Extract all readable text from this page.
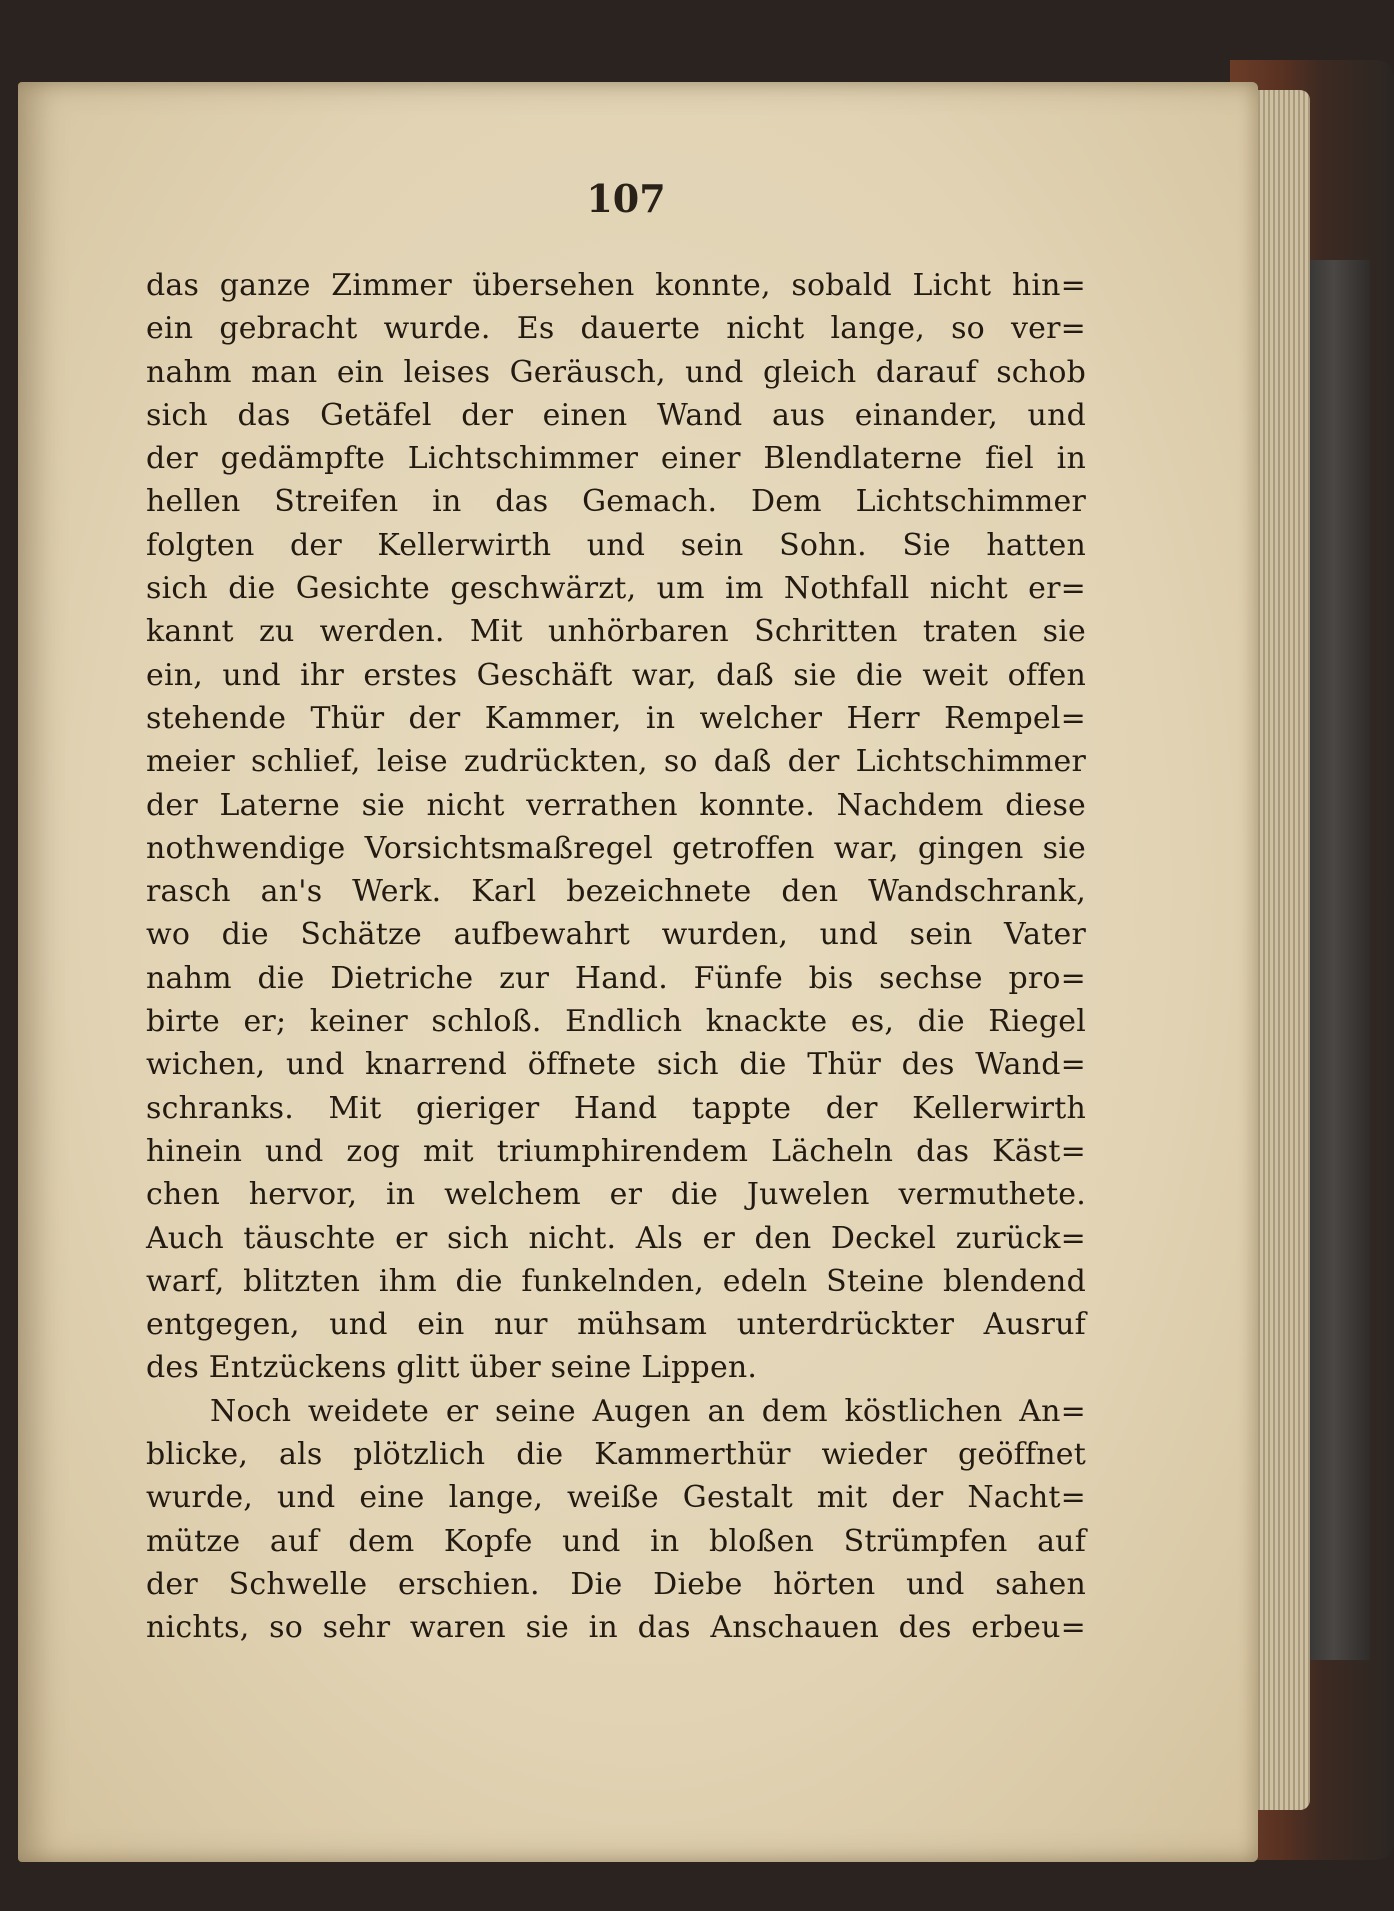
107
das ganze Zimmer übersehen konnte, sobald Licht hin=
ein gebracht wurde. Es dauerte nicht lange, so ver=
nahm man ein leises Geräusch, und gleich darauf schob
sich das Getäfel der einen Wand aus einander, und
der gedämpfte Lichtschimmer einer Blendlaterne fiel in
hellen Streifen in das Gemach. Dem Lichtschimmer
folgten der Kellerwirth und sein Sohn. Sie hatten
sich die Gesichte geschwärzt, um im Nothfall nicht er=
kannt zu werden. Mit unhörbaren Schritten traten sie
ein, und ihr erstes Geschäft war, daß sie die weit offen
stehende Thür der Kammer, in welcher Herr Rempel=
meier schlief, leise zudrückten, so daß der Lichtschimmer
der Laterne sie nicht verrathen konnte. Nachdem diese
nothwendige Vorsichtsmaßregel getroffen war, gingen sie
rasch an's Werk. Karl bezeichnete den Wandschrank,
wo die Schätze aufbewahrt wurden, und sein Vater
nahm die Dietriche zur Hand. Fünfe bis sechse pro=
birte er; keiner schloß. Endlich knackte es, die Riegel
wichen, und knarrend öffnete sich die Thür des Wand=
schranks. Mit gieriger Hand tappte der Kellerwirth
hinein und zog mit triumphirendem Lächeln das Käst=
chen hervor, in welchem er die Juwelen vermuthete.
Auch täuschte er sich nicht. Als er den Deckel zurück=
warf, blitzten ihm die funkelnden, edeln Steine blendend
entgegen, und ein nur mühsam unterdrückter Ausruf
des Entzückens glitt über seine Lippen.
Noch weidete er seine Augen an dem köstlichen An=
blicke, als plötzlich die Kammerthür wieder geöffnet
wurde, und eine lange, weiße Gestalt mit der Nacht=
mütze auf dem Kopfe und in bloßen Strümpfen auf
der Schwelle erschien. Die Diebe hörten und sahen
nichts, so sehr waren sie in das Anschauen des erbeu=
